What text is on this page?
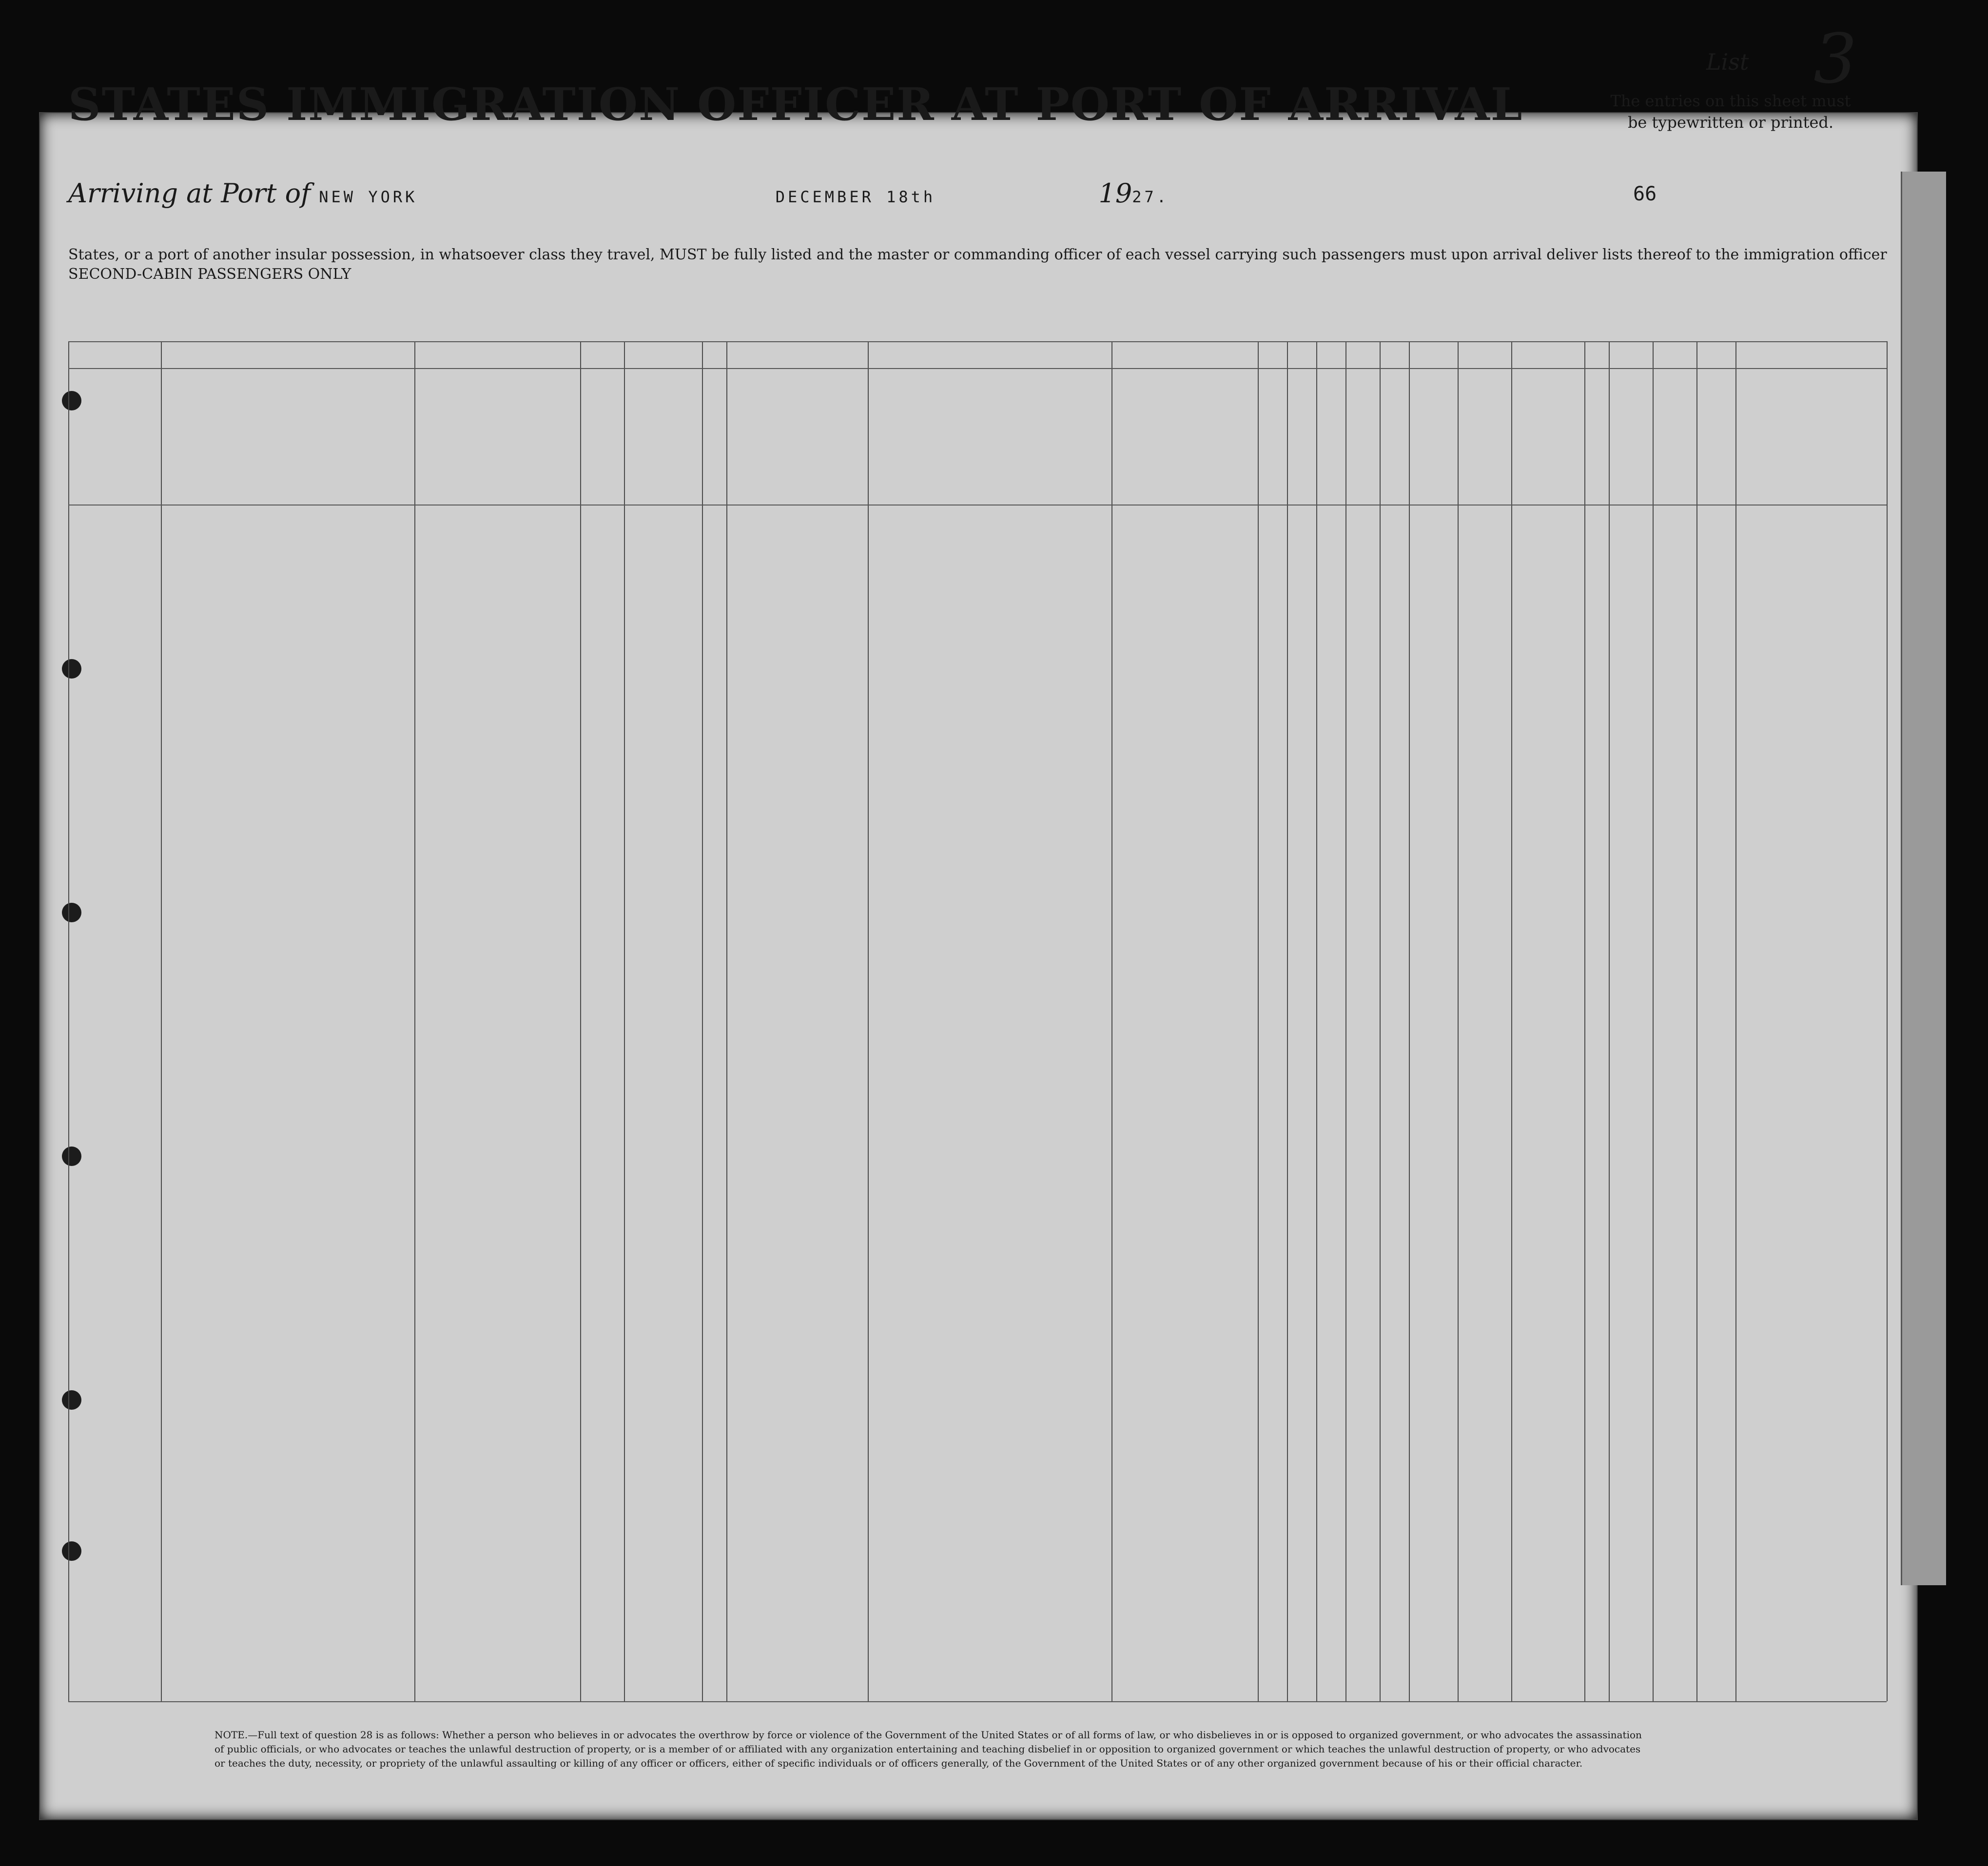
List 3
STATES IMMIGRATION OFFICER AT PORT OF ARRIVAL	The entries on this sheet must
be typewritten or printed.
States, or a port of another insular possession, in whatsoever class they travel, MUST be fully listed and the master or commanding officer of each vessel carrying such passengers must upon arrival deliver lists thereof to the immigration officer
SECOND-CABIN PASSENGERS ONLY
Arriving at Port of NEW YORK	DECEMBER 18th	1927.	66
NOTE.—Full text of question 28 is as follows: Whether a person who believes in or advocates the overthrow by force or violence of the Government of the United States or of all forms of law, or who disbelieves in or is opposed to organized government, or who advocates the assassination of public officials, or who advocates or teaches the unlawful destruction of property, or is a member of or affiliated with any organization entertaining and teaching disbelief in or opposition to organized government or which teaches the unlawful destruction of property, or who advocates or teaches the duty, necessity, or propriety of the unlawful assaulting or killing of any officer or officers, either of specific individuals or of officers generally, of the Government of the United States or of any other organized government because of his or their official character.
